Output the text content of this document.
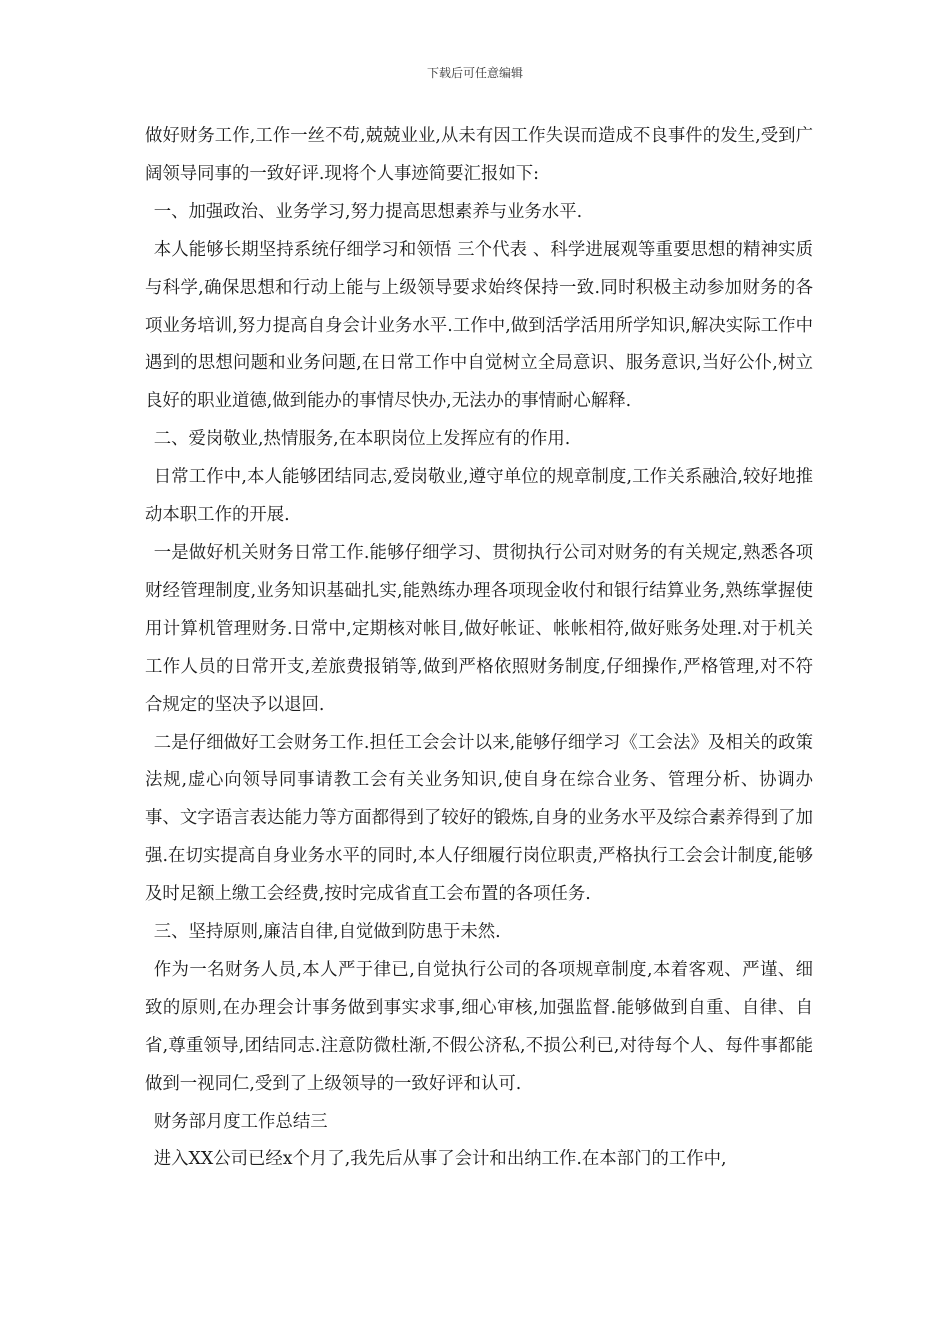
下载后可任意编辑

做好财务工作,工作一丝不苟,兢兢业业,从未有因工作失误而造成不良事件的发生,受到广阔领导同事的一致好评.现将个人事迹简要汇报如下:

一、加强政治、业务学习,努力提高思想素养与业务水平.

本人能够长期坚持系统仔细学习和领悟 三个代表 、科学进展观等重要思想的精神实质与科学,确保思想和行动上能与上级领导要求始终保持一致.同时积极主动参加财务的各项业务培训,努力提高自身会计业务水平.工作中,做到活学活用所学知识,解决实际工作中遇到的思想问题和业务问题,在日常工作中自觉树立全局意识、服务意识,当好公仆,树立良好的职业道德,做到能办的事情尽快办,无法办的事情耐心解释.

二、爱岗敬业,热情服务,在本职岗位上发挥应有的作用.

日常工作中,本人能够团结同志,爱岗敬业,遵守单位的规章制度,工作关系融洽,较好地推动本职工作的开展.

一是做好机关财务日常工作.能够仔细学习、贯彻执行公司对财务的有关规定,熟悉各项财经管理制度,业务知识基础扎实,能熟练办理各项现金收付和银行结算业务,熟练掌握使用计算机管理财务.日常中,定期核对帐目,做好帐证、帐帐相符,做好账务处理.对于机关工作人员的日常开支,差旅费报销等,做到严格依照财务制度,仔细操作,严格管理,对不符合规定的坚决予以退回.

二是仔细做好工会财务工作.担任工会会计以来,能够仔细学习《工会法》及相关的政策法规,虚心向领导同事请教工会有关业务知识,使自身在综合业务、管理分析、协调办事、文字语言表达能力等方面都得到了较好的锻炼,自身的业务水平及综合素养得到了加强.在切实提高自身业务水平的同时,本人仔细履行岗位职责,严格执行工会会计制度,能够及时足额上缴工会经费,按时完成省直工会布置的各项任务.

三、坚持原则,廉洁自律,自觉做到防患于未然.

作为一名财务人员,本人严于律已,自觉执行公司的各项规章制度,本着客观、严谨、细致的原则,在办理会计事务做到事实求事,细心审核,加强监督.能够做到自重、自律、自省,尊重领导,团结同志.注意防微杜渐,不假公济私,不损公利已,对待每个人、每件事都能做到一视同仁,受到了上级领导的一致好评和认可.

财务部月度工作总结三

进入XX公司已经x个月了,我先后从事了会计和出纳工作.在本部门的工作中,
